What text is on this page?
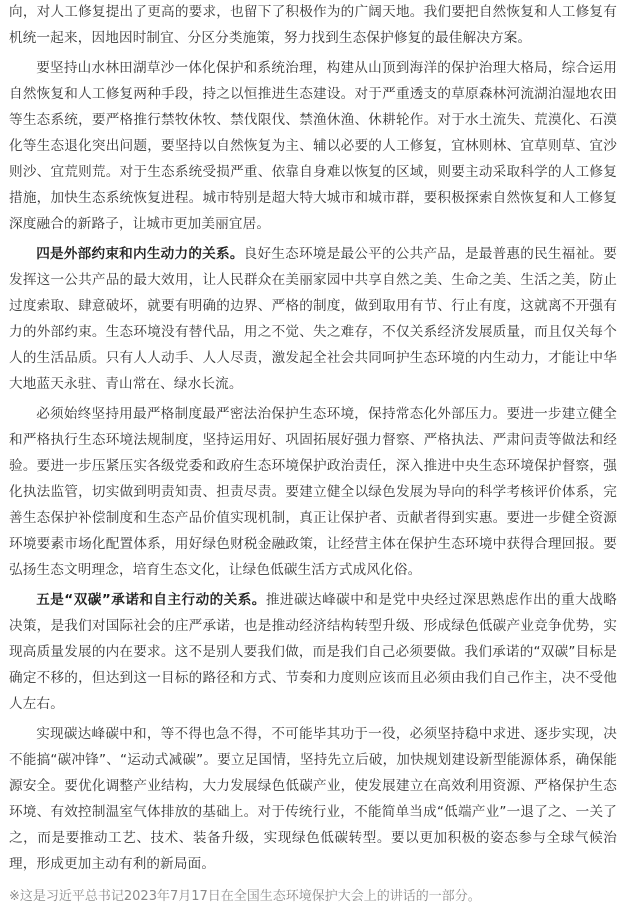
向，对人工修复提出了更高的要求，也留下了积极作为的广阔天地。我们要把自然恢复和人工修复有机统一起来，因地因时制宜、分区分类施策，努力找到生态保护修复的最佳解决方案。

要坚持山水林田湖草沙一体化保护和系统治理，构建从山顶到海洋的保护治理大格局，综合运用自然恢复和人工修复两种手段，持之以恒推进生态建设。对于严重透支的草原森林河流湖泊湿地农田等生态系统，要严格推行禁牧休牧、禁伐限伐、禁渔休渔、休耕轮作。对于水土流失、荒漠化、石漠化等生态退化突出问题，要坚持以自然恢复为主、辅以必要的人工修复，宜林则林、宜草则草、宜沙则沙、宜荒则荒。对于生态系统受损严重、依靠自身难以恢复的区域，则要主动采取科学的人工修复措施，加快生态系统恢复进程。城市特别是超大特大城市和城市群，要积极探索自然恢复和人工修复深度融合的新路子，让城市更加美丽宜居。

四是外部约束和内生动力的关系。良好生态环境是最公平的公共产品，是最普惠的民生福祉。要发挥这一公共产品的最大效用，让人民群众在美丽家园中共享自然之美、生命之美、生活之美，防止过度索取、肆意破坏，就要有明确的边界、严格的制度，做到取用有节、行止有度，这就离不开强有力的外部约束。生态环境没有替代品，用之不觉、失之难存，不仅关系经济发展质量，而且仅关每个人的生活品质。只有人人动手、人人尽责，激发起全社会共同呵护生态环境的内生动力，才能让中华大地蓝天永驻、青山常在、绿水长流。

必须始终坚持用最严格制度最严密法治保护生态环境，保持常态化外部压力。要进一步建立健全和严格执行生态环境法规制度，坚持运用好、巩固拓展好强力督察、严格执法、严肃问责等做法和经验。要进一步压紧压实各级党委和政府生态环境保护政治责任，深入推进中央生态环境保护督察，强化执法监管，切实做到明责知责、担责尽责。要建立健全以绿色发展为导向的科学考核评价体系，完善生态保护补偿制度和生态产品价值实现机制，真正让保护者、贡献者得到实惠。要进一步健全资源环境要素市场化配置体系，用好绿色财税金融政策，让经营主体在保护生态环境中获得合理回报。要弘扬生态文明理念，培育生态文化，让绿色低碳生活方式成风化俗。

五是“双碳”承诺和自主行动的关系。推进碳达峰碳中和是党中央经过深思熟虑作出的重大战略决策，是我们对国际社会的庄严承诺，也是推动经济结构转型升级、形成绿色低碳产业竞争优势，实现高质量发展的内在要求。这不是别人要我们做，而是我们自己必须要做。我们承诺的“双碳”目标是确定不移的，但达到这一目标的路径和方式、节奏和力度则应该而且必须由我们自己作主，决不受他人左右。

实现碳达峰碳中和，等不得也急不得，不可能毕其功于一役，必须坚持稳中求进、逐步实现，决不能搞“碳冲锋”、“运动式减碳”。要立足国情，坚持先立后破，加快规划建设新型能源体系，确保能源安全。要优化调整产业结构，大力发展绿色低碳产业，使发展建立在高效利用资源、严格保护生态环境、有效控制温室气体排放的基础上。对于传统行业，不能简单当成“低端产业”一退了之、一关了之，而是要推动工艺、技术、装备升级，实现绿色低碳转型。要以更加积极的姿态参与全球气候治理，形成更加主动有利的新局面。

※这是习近平总书记2023年7月17日在全国生态环境保护大会上的讲话的一部分。
